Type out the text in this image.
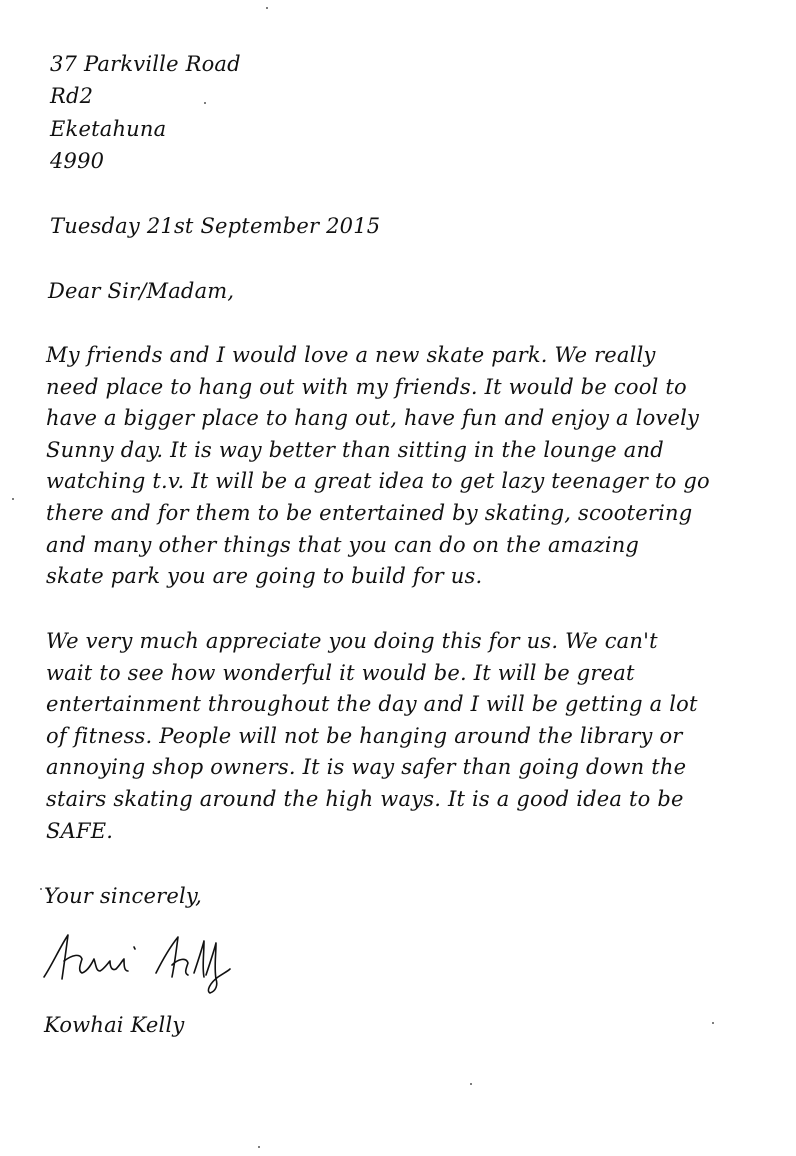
37 Parkville Road
Rd2
Eketahuna
4990
Tuesday 21st September 2015
Dear Sir/Madam,
My friends and I would love a new skate park. We really
need place to hang out with my friends. It would be cool to
have a bigger place to hang out, have fun and enjoy a lovely
Sunny day. It is way better than sitting in the lounge and
watching t.v. It will be a great idea to get lazy teenager to go
there and for them to be entertained by skating, scootering
and many other things that you can do on the amazing
skate park you are going to build for us.
We very much appreciate you doing this for us. We can't
wait to see how wonderful it would be. It will be great
entertainment throughout the day and I will be getting a lot
of fitness. People will not be hanging around the library or
annoying shop owners. It is way safer than going down the
stairs skating around the high ways. It is a good idea to be
SAFE.
Your sincerely,
Kowhai Kelly
